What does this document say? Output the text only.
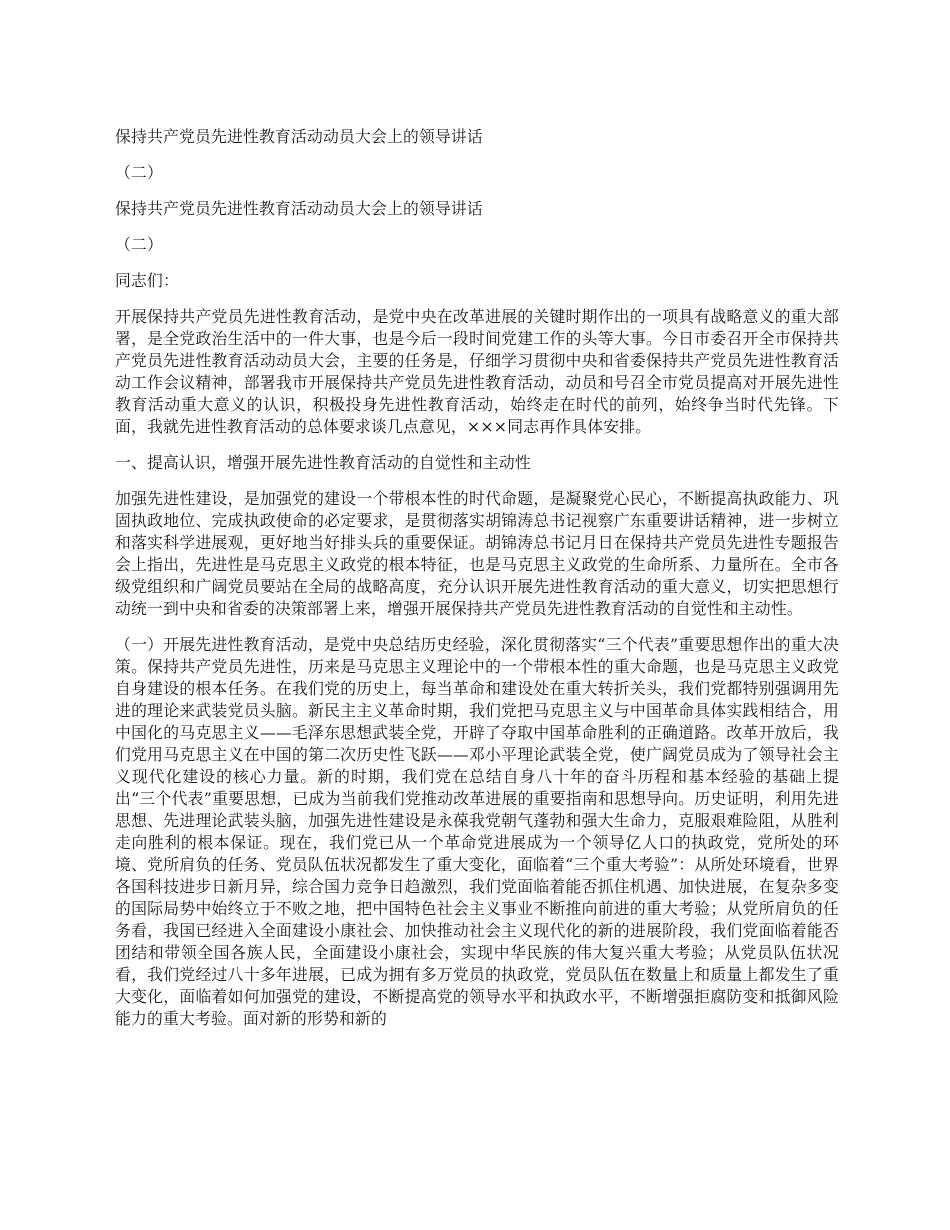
保持共产党员先进性教育活动动员大会上的领导讲话
（二）
保持共产党员先进性教育活动动员大会上的领导讲话
（二）
同志们：

开展保持共产党员先进性教育活动，是党中央在改革进展的关键时期作出的一项具有战略意义的重大部署，是全党政治生活中的一件大事，也是今后一段时间党建工作的头等大事。今日市委召开全市保持共产党员先进性教育活动动员大会，主要的任务是，仔细学习贯彻中央和省委保持共产党员先进性教育活动工作会议精神，部署我市开展保持共产党员先进性教育活动，动员和号召全市党员提高对开展先进性教育活动重大意义的认识，积极投身先进性教育活动，始终走在时代的前列，始终争当时代先锋。下面，我就先进性教育活动的总体要求谈几点意见，×××同志再作具体安排。

一、提高认识，增强开展先进性教育活动的自觉性和主动性

加强先进性建设，是加强党的建设一个带根本性的时代命题，是凝聚党心民心，不断提高执政能力、巩固执政地位、完成执政使命的必定要求，是贯彻落实胡锦涛总书记视察广东重要讲话精神，进一步树立和落实科学进展观，更好地当好排头兵的重要保证。胡锦涛总书记月日在保持共产党员先进性专题报告会上指出，先进性是马克思主义政党的根本特征，也是马克思主义政党的生命所系、力量所在。全市各级党组织和广阔党员要站在全局的战略高度，充分认识开展先进性教育活动的重大意义，切实把思想行动统一到中央和省委的决策部署上来，增强开展保持共产党员先进性教育活动的自觉性和主动性。

（一）开展先进性教育活动，是党中央总结历史经验，深化贯彻落实“三个代表”重要思想作出的重大决策。保持共产党员先进性，历来是马克思主义理论中的一个带根本性的重大命题，也是马克思主义政党自身建设的根本任务。在我们党的历史上，每当革命和建设处在重大转折关头，我们党都特别强调用先进的理论来武装党员头脑。新民主主义革命时期，我们党把马克思主义与中国革命具体实践相结合，用中国化的马克思主义——毛泽东思想武装全党，开辟了夺取中国革命胜利的正确道路。改革开放后，我们党用马克思主义在中国的第二次历史性飞跃——邓小平理论武装全党，使广阔党员成为了领导社会主义现代化建设的核心力量。新的时期，我们党在总结自身八十年的奋斗历程和基本经验的基础上提出“三个代表”重要思想，已成为当前我们党推动改革进展的重要指南和思想导向。历史证明，利用先进思想、先进理论武装头脑，加强先进性建设是永葆我党朝气蓬勃和强大生命力，克服艰难险阻，从胜利走向胜利的根本保证。现在，我们党已从一个革命党进展成为一个领导亿人口的执政党，党所处的环境、党所肩负的任务、党员队伍状况都发生了重大变化，面临着“三个重大考验”：从所处环境看，世界各国科技进步日新月异，综合国力竞争日趋激烈，我们党面临着能否抓住机遇、加快进展，在复杂多变的国际局势中始终立于不败之地，把中国特色社会主义事业不断推向前进的重大考验；从党所肩负的任务看，我国已经进入全面建设小康社会、加快推动社会主义现代化的新的进展阶段，我们党面临着能否团结和带领全国各族人民，全面建设小康社会，实现中华民族的伟大复兴重大考验；从党员队伍状况看，我们党经过八十多年进展，已成为拥有多万党员的执政党，党员队伍在数量上和质量上都发生了重大变化，面临着如何加强党的建设，不断提高党的领导水平和执政水平，不断增强拒腐防变和抵御风险能力的重大考验。面对新的形势和新的
